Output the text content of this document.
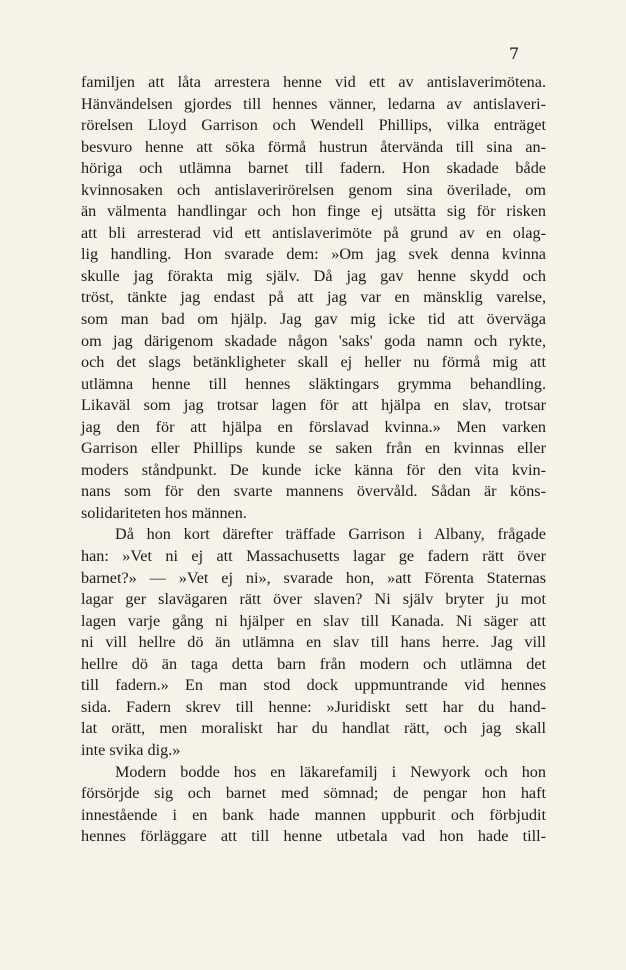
7
familjen att låta arrestera henne vid ett av antislaverimötena.
Hänvändelsen gjordes till hennes vänner, ledarna av antislaveri-
rörelsen Lloyd Garrison och Wendell Phillips, vilka enträget
besvuro henne att söka förmå hustrun återvända till sina an-
höriga och utlämna barnet till fadern. Hon skadade både
kvinnosaken och antislaverirörelsen genom sina överilade, om
än välmenta handlingar och hon finge ej utsätta sig för risken
att bli arresterad vid ett antislaverimöte på grund av en olag-
lig handling. Hon svarade dem: »Om jag svek denna kvinna
skulle jag förakta mig själv. Då jag gav henne skydd och
tröst, tänkte jag endast på att jag var en mänsklig varelse,
som man bad om hjälp. Jag gav mig icke tid att överväga
om jag därigenom skadade någon 'saks' goda namn och rykte,
och det slags betänkligheter skall ej heller nu förmå mig att
utlämna henne till hennes släktingars grymma behandling.
Likaväl som jag trotsar lagen för att hjälpa en slav, trotsar
jag den för att hjälpa en förslavad kvinna.» Men varken
Garrison eller Phillips kunde se saken från en kvinnas eller
moders ståndpunkt. De kunde icke känna för den vita kvin-
nans som för den svarte mannens övervåld. Sådan är köns-
solidariteten hos männen.
Då hon kort därefter träffade Garrison i Albany, frågade
han: »Vet ni ej att Massachusetts lagar ge fadern rätt över
barnet?» — »Vet ej ni», svarade hon, »att Förenta Staternas
lagar ger slavägaren rätt över slaven? Ni själv bryter ju mot
lagen varje gång ni hjälper en slav till Kanada. Ni säger att
ni vill hellre dö än utlämna en slav till hans herre. Jag vill
hellre dö än taga detta barn från modern och utlämna det
till fadern.» En man stod dock uppmuntrande vid hennes
sida. Fadern skrev till henne: »Juridiskt sett har du hand-
lat orätt, men moraliskt har du handlat rätt, och jag skall
inte svika dig.»
Modern bodde hos en läkarefamilj i Newyork och hon
försörjde sig och barnet med sömnad; de pengar hon haft
innestående i en bank hade mannen uppburit och förbjudit
hennes förläggare att till henne utbetala vad hon hade till-
